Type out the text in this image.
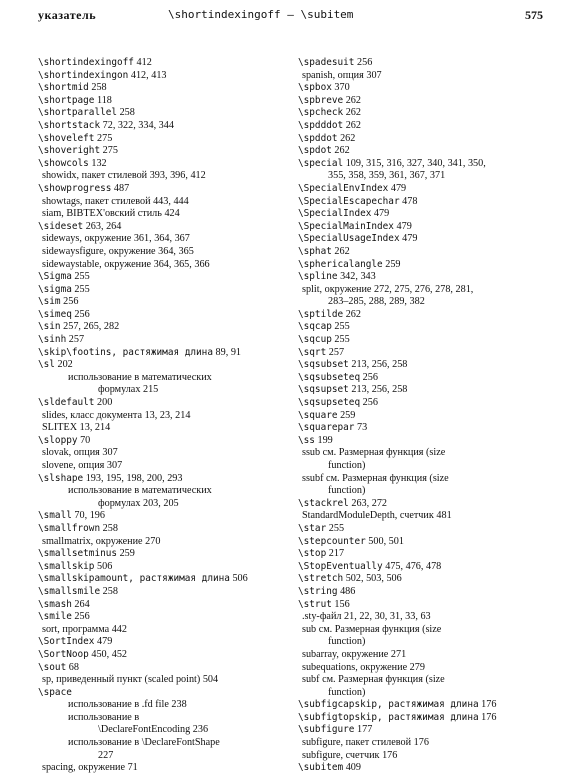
указатель	\shortindexingoff — \subitem	575
\shortindexingoff 412
\shortindexingon 412, 413
\shortmid 258
\shortpage 118
\shortparallel 258
\shortstack 72, 322, 334, 344
\shoveleft 275
\shoveright 275
\showcols 132
showidx, пакет стилевой 393, 396, 412
\showprogress 487
showtags, пакет стилевой 443, 444
siam, BIBTEX'овский стиль 424
\sideset 263, 264
sideways, окружение 361, 364, 367
sidewaysfigure, окружение 364, 365
sidewaystable, окружение 364, 365, 366
\Sigma 255
\sigma 255
\sim 256
\simeq 256
\sin 257, 265, 282
\sinh 257
\skip\footins, растяжимая длина 89, 91
\sl 202
использование в математических
формулах 215
\sldefault 200
slides, класс документа 13, 23, 214
SLITEX 13, 214
\sloppy 70
slovak, опция 307
slovene, опция 307
\slshape 193, 195, 198, 200, 293
использование в математических
формулах 203, 205
\small 70, 196
\smallfrown 258
smallmatrix, окружение 270
\smallsetminus 259
\smallskip 506
\smallskipamount, растяжимая длина 506
\smallsmile 258
\smash 264
\smile 256
sort, программа 442
\SortIndex 479
\SortNoop 450, 452
\sout 68
sp, приведенный пункт (scaled point) 504
\space
использование в .fd file 238
использование в
\DeclareFontEncoding 236
использование в \DeclareFontShape
227
spacing, окружение 71
\spadesuit 256
spanish, опция 307
\spbox 370
\spbreve 262
\spcheck 262
\spdddot 262
\spddot 262
\spdot 262
\special 109, 315, 316, 327, 340, 341, 350,
355, 358, 359, 361, 367, 371
\SpecialEnvIndex 479
\SpecialEscapechar 478
\SpecialIndex 479
\SpecialMainIndex 479
\SpecialUsageIndex 479
\sphat 262
\sphericalangle 259
\spline 342, 343
split, окружение 272, 275, 276, 278, 281,
283–285, 288, 289, 382
\sptilde 262
\sqcap 255
\sqcup 255
\sqrt 257
\sqsubset 213, 256, 258
\sqsubseteq 256
\sqsupset 213, 256, 258
\sqsupseteq 256
\square 259
\squarepar 73
\ss 199
ssub см. Размерная функция (size
function)
ssubf см. Размерная функция (size
function)
\stackrel 263, 272
StandardModuleDepth, счетчик 481
\star 255
\stepcounter 500, 501
\stop 217
\StopEventually 475, 476, 478
\stretch 502, 503, 506
\string 486
\strut 156
.sty-файл 21, 22, 30, 31, 33, 63
sub см. Размерная функция (size
function)
subarray, окружение 271
subequations, окружение 279
subf см. Размерная функция (size
function)
\subfigcapskip, растяжимая длина 176
\subfigtopskip, растяжимая длина 176
\subfigure 177
subfigure, пакет стилевой 176
subfigure, счетчик 176
\subitem 409
